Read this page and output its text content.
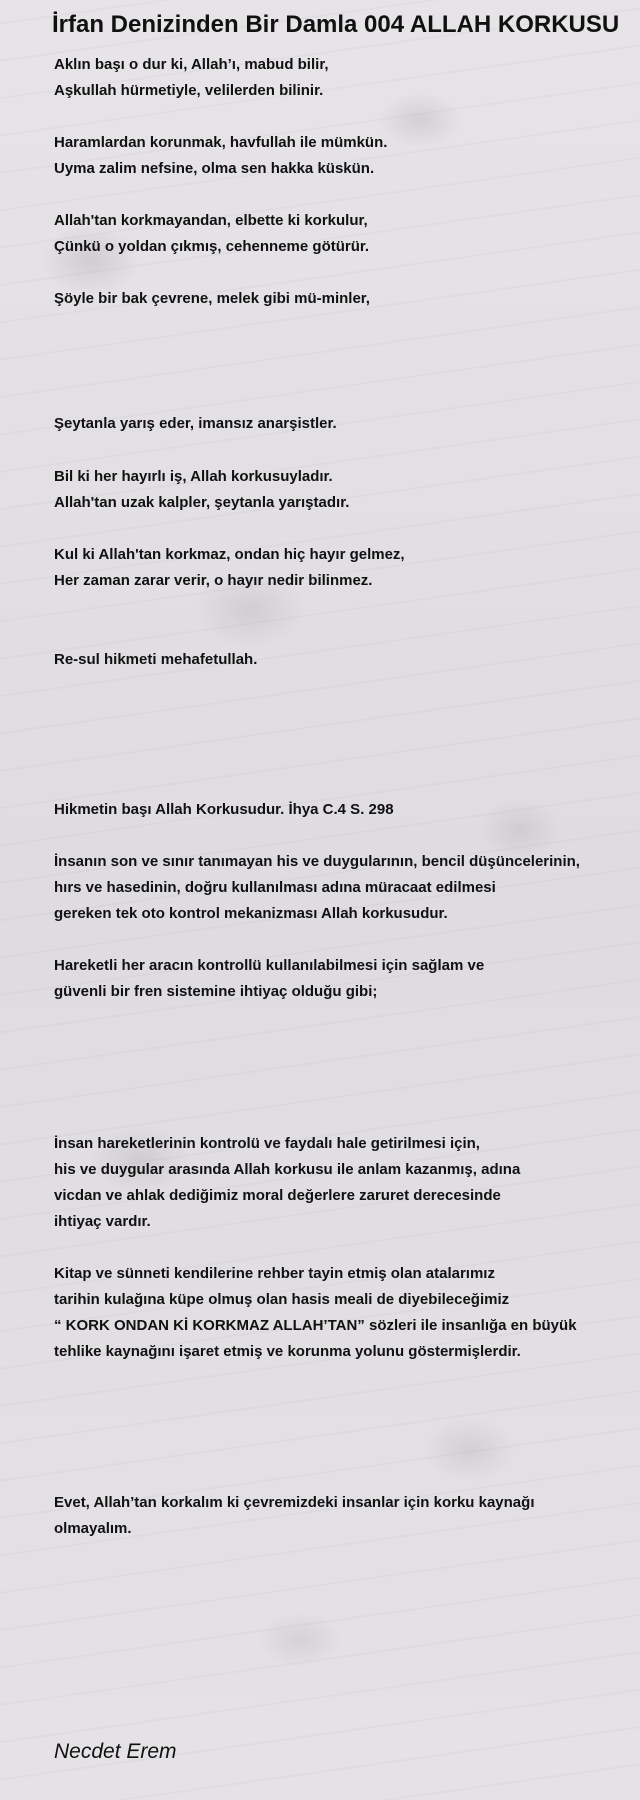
İrfan Denizinden Bir Damla 004 ALLAH KORKUSU
Aklın başı o dur ki, Allah’ı, mabud bilir,
Aşkullah hürmetiyle, velilerden bilinir.
Haramlardan korunmak, havfullah ile mümkün.
Uyma zalim nefsine, olma sen hakka küskün.
Allah'tan korkmayandan, elbette ki korkulur,
Çünkü o yoldan çıkmış, cehenneme götürür.
Şöyle bir bak çevrene, melek gibi mü-minler,
Şeytanla yarış eder, imansız anarşistler.
Bil ki her hayırlı iş, Allah korkusuyladır.
Allah'tan uzak kalpler, şeytanla yarıştadır.
Kul ki Allah'tan korkmaz, ondan hiç hayır gelmez,
Her zaman zarar verir, o hayır nedir bilinmez.
Re-sul hikmeti mehafetullah.
Hikmetin başı Allah Korkusudur. İhya C.4 S. 298
İnsanın son ve sınır tanımayan his ve duygularının, bencil düşüncelerinin,
hırs ve hasedinin, doğru kullanılması adına müracaat edilmesi
gereken tek oto kontrol mekanizması Allah korkusudur.
Hareketli her aracın kontrollü kullanılabilmesi için sağlam ve
güvenli bir fren sistemine ihtiyaç olduğu gibi;
İnsan hareketlerinin kontrolü ve faydalı hale getirilmesi için,
his ve duygular arasında Allah korkusu ile anlam kazanmış, adına
vicdan ve ahlak dediğimiz moral değerlere zaruret derecesinde
ihtiyaç vardır.
Kitap ve sünneti kendilerine rehber tayin etmiş olan atalarımız
tarihin kulağına küpe olmuş olan hasis meali de diyebileceğimiz
“ KORK ONDAN Kİ KORKMAZ ALLAH’TAN” sözleri ile insanlığa en büyük
tehlike kaynağını işaret etmiş ve korunma yolunu göstermişlerdir.
Evet, Allah’tan korkalım ki çevremizdeki insanlar için korku kaynağı
olmayalım.
Necdet Erem
